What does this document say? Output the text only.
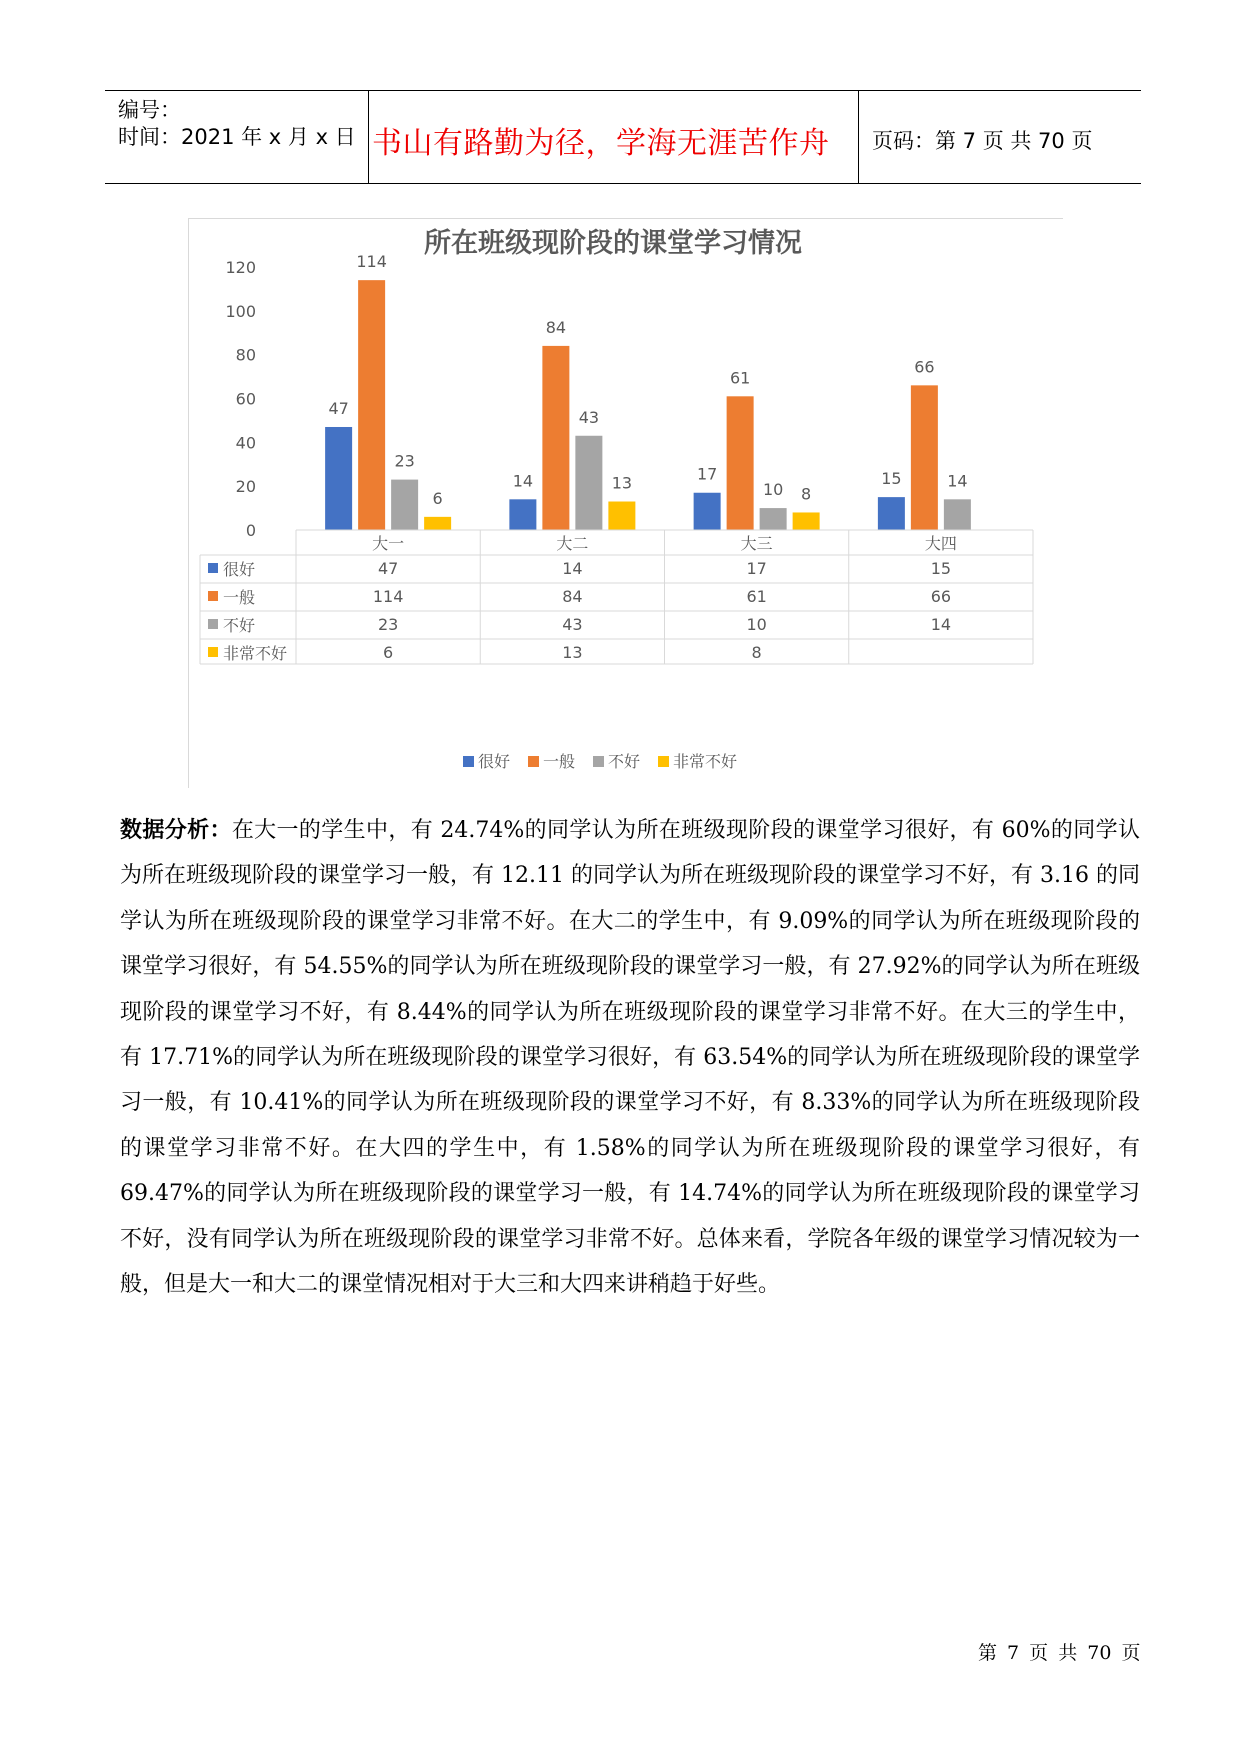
编号：
时间：2021 年 x 月 x 日 书山有路勤为径，学海无涯苦作舟 页码：第 7 页 共 70 页
所在班级现阶段的课堂学习情况
0
20
40
60
80
100
120
47
14	17	15
114
84
61
66
23
43
10	14
6
13
8
大一	大二	大三	大四
很好	47	14	17	15
一般	114	84	61	66
不好	23	43	10	14
非常不好	6	13	8
很好 一般 不好 非常不好
数据分析：在大一的学生中，有 24.74%的同学认为所在班级现阶段的课堂学习很好，有 60%的同学认为所在班级现阶段的课堂学习一般，有 12.11 的同学认为所在班级现阶段的课堂学习不好，有 3.16 的同学认为所在班级现阶段的课堂学习非常不好。在大二的学生中，有 9.09%的同学认为所在班级现阶段的课堂学习很好，有 54.55%的同学认为所在班级现阶段的课堂学习一般，有 27.92%的同学认为所在班级现阶段的课堂学习不好，有 8.44%的同学认为所在班级现阶段的课堂学习非常不好。在大三的学生中，有 17.71%的同学认为所在班级现阶段的课堂学习很好，有 63.54%的同学认为所在班级现阶段的课堂学习一般，有 10.41%的同学认为所在班级现阶段的课堂学习不好，有 8.33%的同学认为所在班级现阶段的课堂学习非常不好。在大四的学生中，有 1.58%的同学认为所在班级现阶段的课堂学习很好，有 69.47%的同学认为所在班级现阶段的课堂学习一般，有 14.74%的同学认为所在班级现阶段的课堂学习不好，没有同学认为所在班级现阶段的课堂学习非常不好。总体来看，学院各年级的课堂学习情况较为一般，但是大一和大二的课堂情况相对于大三和大四来讲稍趋于好些。
第 7 页 共 70 页
